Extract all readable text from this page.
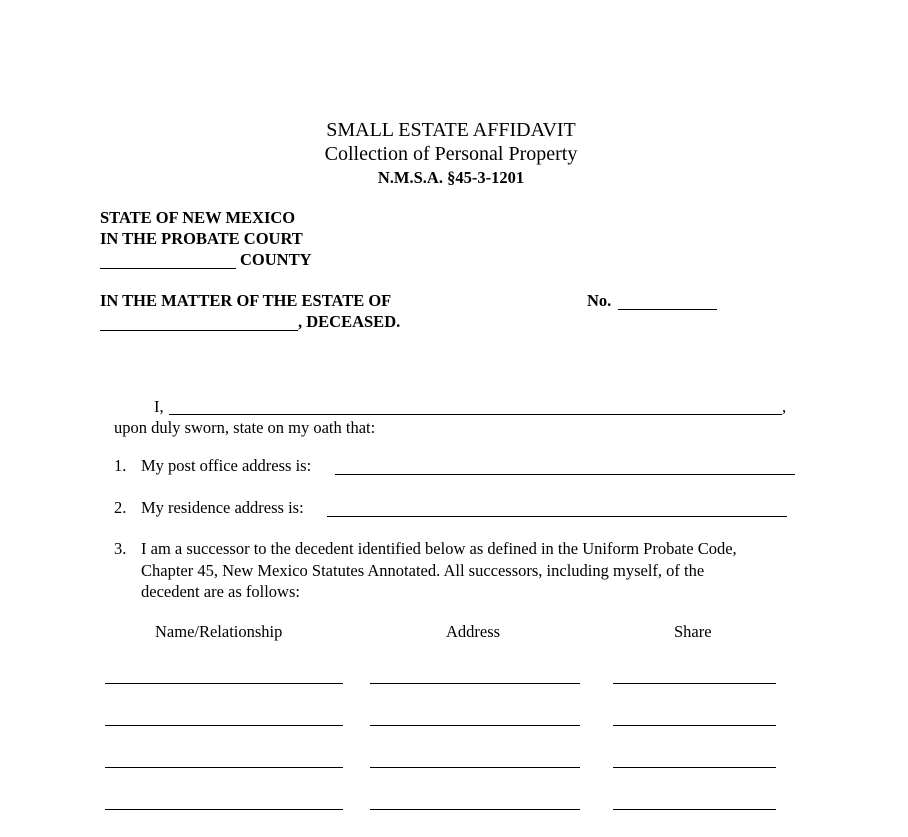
SMALL ESTATE AFFIDAVIT
Collection of Personal Property
N.M.S.A. §45-3-1201
STATE OF NEW MEXICO
IN THE PROBATE COURT
COUNTY
IN THE MATTER OF THE ESTATE OF
, DECEASED.
No.
I,	,
upon duly sworn, state on my oath that:
1. My post office address is:
2. My residence address is:
3. I am a successor to the decedent identified below as defined in the Uniform Probate Code,
Chapter 45, New Mexico Statutes Annotated. All successors, including myself, of the
decedent are as follows:
Name/Relationship	Address	Share
